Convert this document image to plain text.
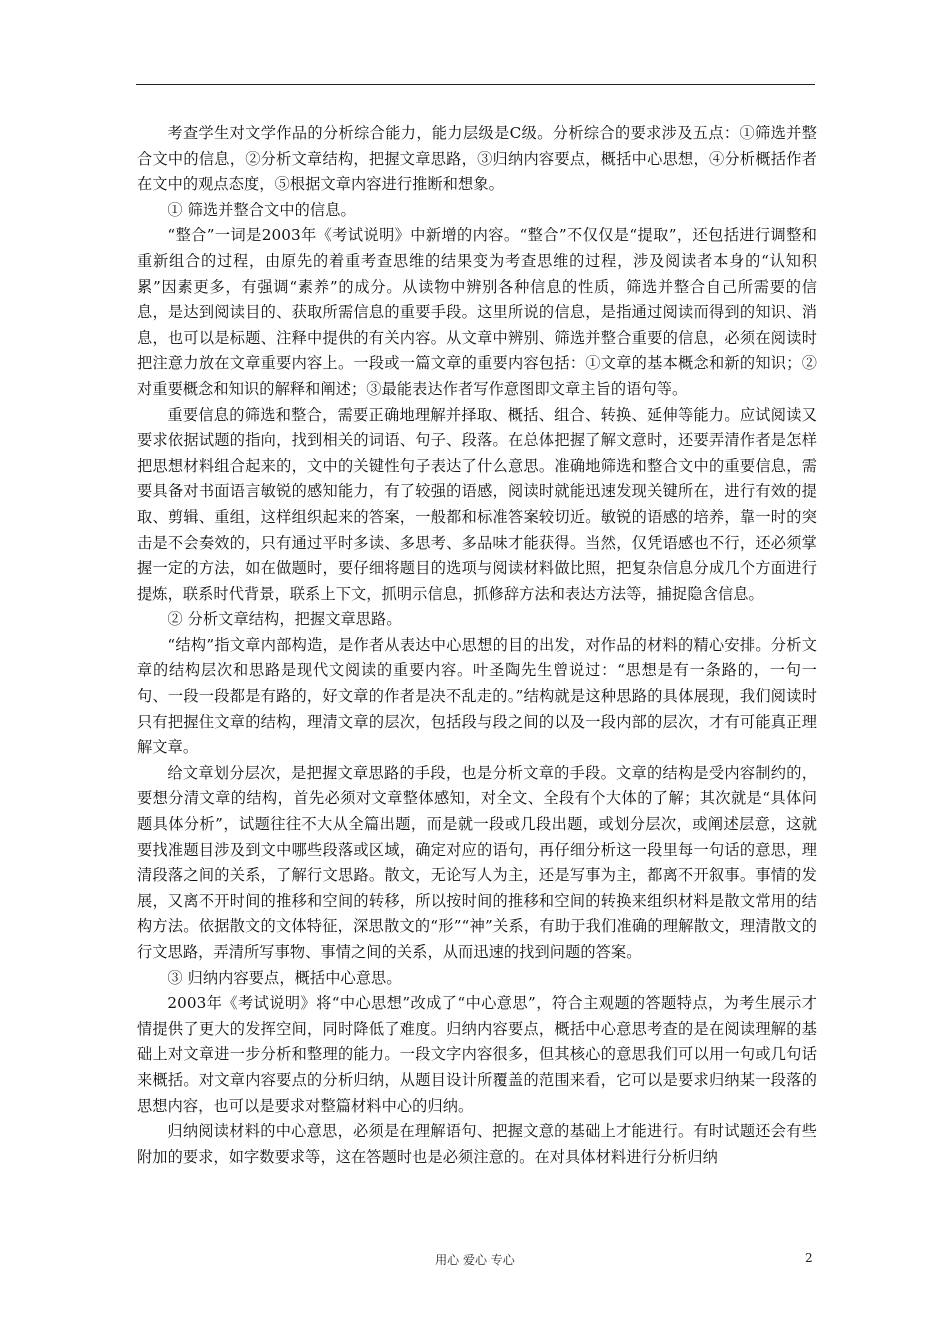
考查学生对文学作品的分析综合能力，能力层级是C级。分析综合的要求涉及五点：①筛选并整合文中的信息，②分析文章结构，把握文章思路，③归纳内容要点，概括中心思想，④分析概括作者在文中的观点态度，⑤根据文章内容进行推断和想象。

① 筛选并整合文中的信息。

“整合”一词是2003年《考试说明》中新增的内容。“整合”不仅仅是“提取”，还包括进行调整和重新组合的过程，由原先的着重考查思维的结果变为考查思维的过程，涉及阅读者本身的“认知积累”因素更多，有强调“素养”的成分。从读物中辨别各种信息的性质，筛选并整合自己所需要的信息，是达到阅读目的、获取所需信息的重要手段。这里所说的信息，是指通过阅读而得到的知识、消息，也可以是标题、注释中提供的有关内容。从文章中辨别、筛选并整合重要的信息，必须在阅读时把注意力放在文章重要内容上。一段或一篇文章的重要内容包括：①文章的基本概念和新的知识；②对重要概念和知识的解释和阐述；③最能表达作者写作意图即文章主旨的语句等。

重要信息的筛选和整合，需要正确地理解并择取、概括、组合、转换、延伸等能力。应试阅读又要求依据试题的指向，找到相关的词语、句子、段落。在总体把握了解文意时，还要弄清作者是怎样把思想材料组合起来的，文中的关键性句子表达了什么意思。准确地筛选和整合文中的重要信息，需要具备对书面语言敏锐的感知能力，有了较强的语感，阅读时就能迅速发现关键所在，进行有效的提取、剪辑、重组，这样组织起来的答案，一般都和标准答案较切近。敏锐的语感的培养，靠一时的突击是不会奏效的，只有通过平时多读、多思考、多品味才能获得。当然，仅凭语感也不行，还必须掌握一定的方法，如在做题时，要仔细将题目的选项与阅读材料做比照，把复杂信息分成几个方面进行提炼，联系时代背景，联系上下文，抓明示信息，抓修辞方法和表达方法等，捕捉隐含信息。

② 分析文章结构，把握文章思路。

“结构”指文章内部构造，是作者从表达中心思想的目的出发，对作品的材料的精心安排。分析文章的结构层次和思路是现代文阅读的重要内容。叶圣陶先生曾说过：“思想是有一条路的，一句一句、一段一段都是有路的，好文章的作者是决不乱走的。”结构就是这种思路的具体展现，我们阅读时只有把握住文章的结构，理清文章的层次，包括段与段之间的以及一段内部的层次，才有可能真正理解文章。

给文章划分层次，是把握文章思路的手段，也是分析文章的手段。文章的结构是受内容制约的，要想分清文章的结构，首先必须对文章整体感知，对全文、全段有个大体的了解；其次就是“具体问题具体分析”，试题往往不大从全篇出题，而是就一段或几段出题，或划分层次，或阐述层意，这就要找准题目涉及到文中哪些段落或区域，确定对应的语句，再仔细分析这一段里每一句话的意思，理清段落之间的关系，了解行文思路。散文，无论写人为主，还是写事为主，都离不开叙事。事情的发展，又离不开时间的推移和空间的转移，所以按时间的推移和空间的转换来组织材料是散文常用的结构方法。依据散文的文体特征，深思散文的“形”“神”关系，有助于我们准确的理解散文，理清散文的行文思路，弄清所写事物、事情之间的关系，从而迅速的找到问题的答案。

③ 归纳内容要点，概括中心意思。

2003年《考试说明》将“中心思想”改成了“中心意思”，符合主观题的答题特点，为考生展示才情提供了更大的发挥空间，同时降低了难度。归纳内容要点，概括中心意思考查的是在阅读理解的基础上对文章进一步分析和整理的能力。一段文字内容很多，但其核心的意思我们可以用一句或几句话来概括。对文章内容要点的分析归纳，从题目设计所覆盖的范围来看，它可以是要求归纳某一段落的思想内容，也可以是要求对整篇材料中心的归纳。

归纳阅读材料的中心意思，必须是在理解语句、把握文意的基础上才能进行。有时试题还会有些附加的要求，如字数要求等，这在答题时也是必须注意的。在对具体材料进行分析归纳

用心 爱心 专心	2
